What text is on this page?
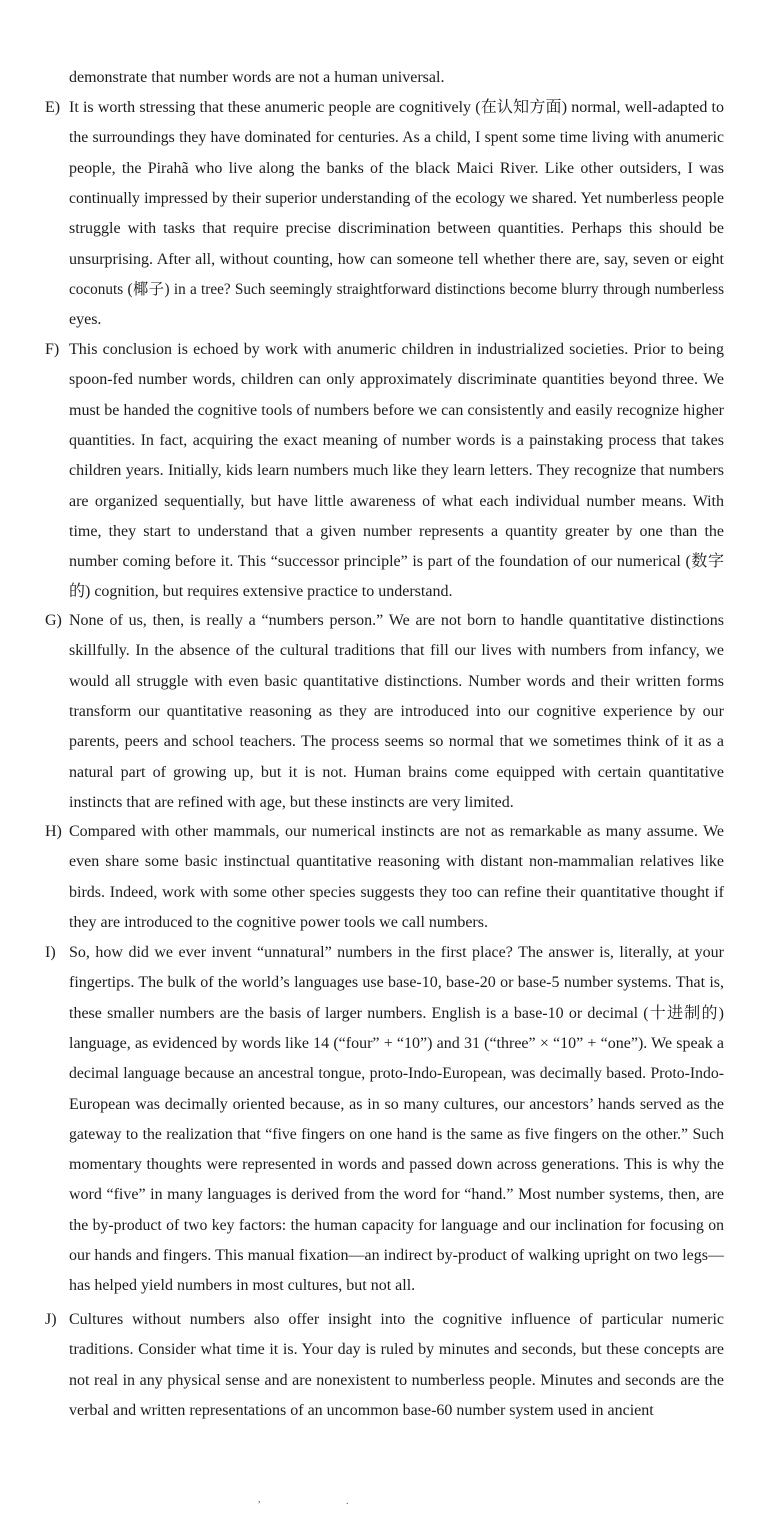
demonstrate that number words are not a human universal.
E) It is worth stressing that these anumeric people are cognitively (在认知方面) normal, well-adapted to
the surroundings they have dominated for centuries. As a child, I spent some time living with anumeric
people, the Pirahã who live along the banks of the black Maici River. Like other outsiders, I was
continually impressed by their superior understanding of the ecology we shared. Yet numberless people
struggle with tasks that require precise discrimination between quantities. Perhaps this should be
unsurprising. After all, without counting, how can someone tell whether there are, say, seven or eight
coconuts (椰子) in a tree? Such seemingly straightforward distinctions become blurry through numberless
eyes.
F) This conclusion is echoed by work with anumeric children in industrialized societies. Prior to being
spoon-fed number words, children can only approximately discriminate quantities beyond three. We
must be handed the cognitive tools of numbers before we can consistently and easily recognize higher
quantities. In fact, acquiring the exact meaning of number words is a painstaking process that takes
children years. Initially, kids learn numbers much like they learn letters. They recognize that numbers
are organized sequentially, but have little awareness of what each individual number means. With
time, they start to understand that a given number represents a quantity greater by one than the
number coming before it. This “successor principle” is part of the foundation of our numerical (数字
的) cognition, but requires extensive practice to understand.
G) None of us, then, is really a “numbers person.” We are not born to handle quantitative distinctions
skillfully. In the absence of the cultural traditions that fill our lives with numbers from infancy, we
would all struggle with even basic quantitative distinctions. Number words and their written forms
transform our quantitative reasoning as they are introduced into our cognitive experience by our
parents, peers and school teachers. The process seems so normal that we sometimes think of it as a
natural part of growing up, but it is not. Human brains come equipped with certain quantitative
instincts that are refined with age, but these instincts are very limited.
H) Compared with other mammals, our numerical instincts are not as remarkable as many assume. We
even share some basic instinctual quantitative reasoning with distant non-mammalian relatives like
birds. Indeed, work with some other species suggests they too can refine their quantitative thought if
they are introduced to the cognitive power tools we call numbers.
I) So, how did we ever invent “unnatural” numbers in the first place? The answer is, literally, at your
fingertips. The bulk of the world’s languages use base-10, base-20 or base-5 number systems. That is,
these smaller numbers are the basis of larger numbers. English is a base-10 or decimal (十进制的)
language, as evidenced by words like 14 (“four” + “10”) and 31 (“three” × “10” + “one”). We speak a
decimal language because an ancestral tongue, proto-Indo-European, was decimally based. Proto-Indo-
European was decimally oriented because, as in so many cultures, our ancestors’ hands served as the
gateway to the realization that “five fingers on one hand is the same as five fingers on the other.” Such
momentary thoughts were represented in words and passed down across generations. This is why the
word “five” in many languages is derived from the word for “hand.” Most number systems, then, are
the by-product of two key factors: the human capacity for language and our inclination for focusing on
our hands and fingers. This manual fixation—an indirect by-product of walking upright on two legs—
has helped yield numbers in most cultures, but not all.
J) Cultures without numbers also offer insight into the cognitive influence of particular numeric
traditions. Consider what time it is. Your day is ruled by minutes and seconds, but these concepts are
not real in any physical sense and are nonexistent to numberless people. Minutes and seconds are the
verbal and written representations of an uncommon base-60 number system used in ancient
,	.
